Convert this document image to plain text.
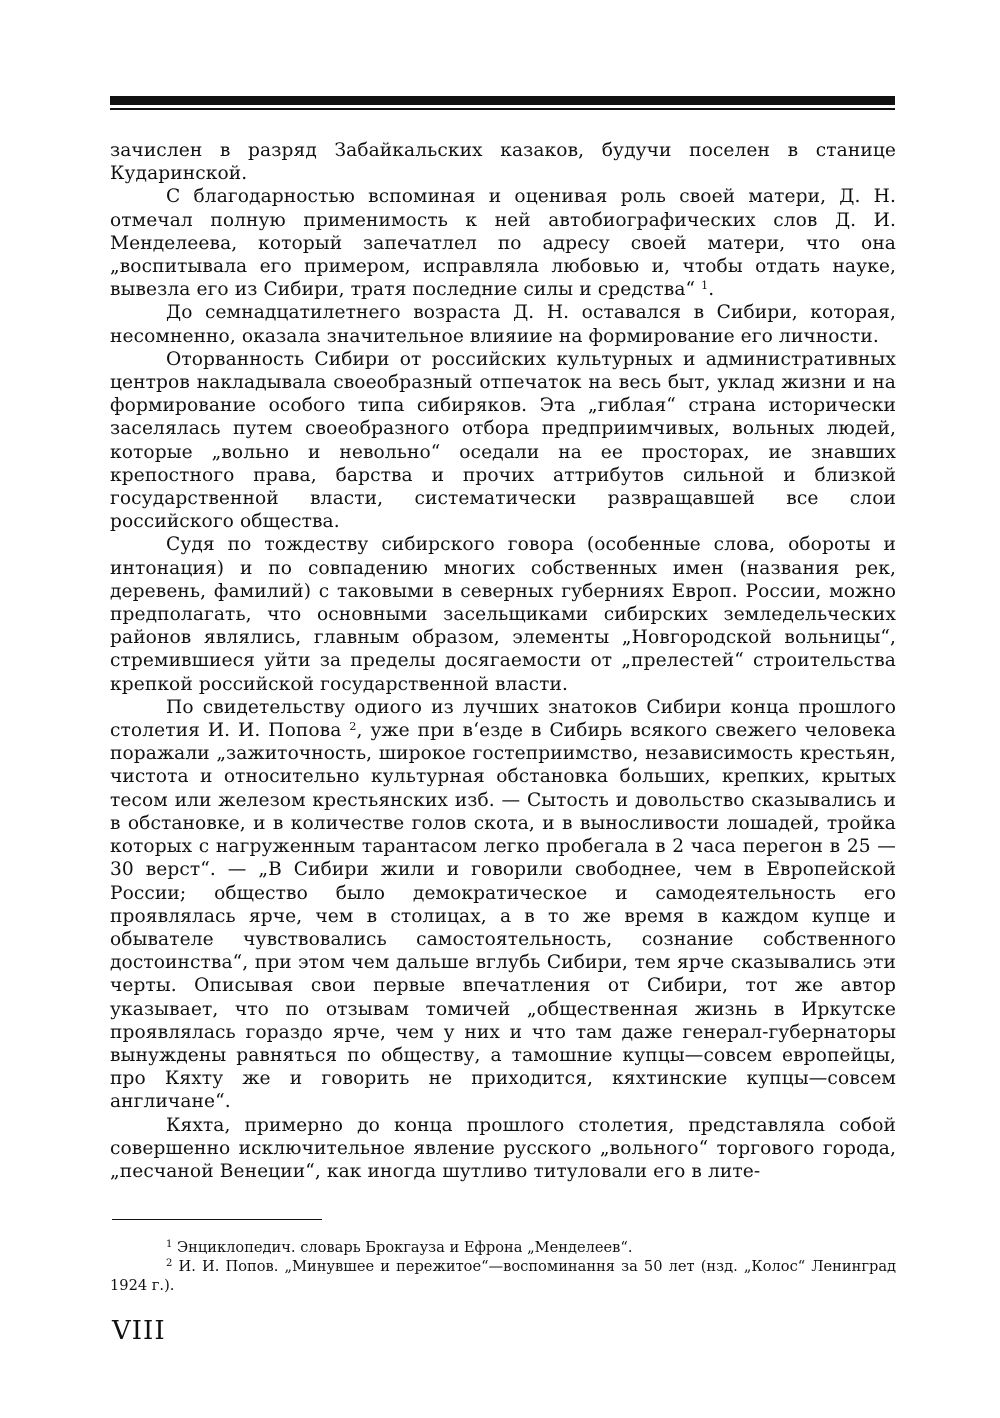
зачислен в разряд Забайкальских казаков, будучи поселен в станице Кударинской.

С благодарностью вспоминая и оценивая роль своей матери, Д. Н. отмечал полную применимость к ней автобиографических слов Д. И. Менделеева, который запечатлел по адресу своей матери, что она „воспитывала его примером, исправляла любовью и, чтобы отдать науке, вывезла его из Сибири, тратя последние силы и средства“ $^1$.

До семнадцатилетнего возраста Д. Н. оставался в Сибири, которая, несомненно, оказала значительное влияиие на формирование его личности.

Оторванность Сибири от российских культурных и административных центров накладывала своеобразный отпечаток на весь быт, уклад жизни и на формирование особого типа сибиряков. Эта „гиблая“ страна исторически заселялась путем своеобразного отбора предприимчивых, вольных людей, которые „вольно и невольно“ оседали на ее просторах, ие знавших крепостного права, барства и прочих аттрибутов сильной и близкой государственной власти, систематически развращавшей все слои российского общества.

Судя по тождеству сибирского говора (особенные слова, обороты и интонация) и по совпадению многих собственных имен (названия рек, деревень, фамилий) с таковыми в северных губерниях Европ. России, можно предполагать, что основными засельщиками сибирских земледельческих районов являлись, главным образом, элементы „Новгородской вольницы“, стремившиеся уйти за пределы досягаемости от „прелестей“ строительства крепкой российской государственной власти.

По свидетельству одиого из лучших знатоков Сибири конца прошлого столетия И. И. Попова $^2$, уже при в‘езде в Сибирь всякого свежего человека поражали „зажиточность, широкое гостеприимство, независимость крестьян, чистота и относительно культурная обстановка больших, крепких, крытых тесом или железом крестьянских изб. — Сытость и довольство сказывались и в обстановке, и в количестве голов скота, и в выносливости лошадей, тройка которых с нагруженным тарантасом легко пробегала в 2 часа перегон в 25 — 30 верст“. — „В Сибири жили и говорили свободнее, чем в Европейской России; общество было демократическое и самодеятельность его проявлялась ярче, чем в столицах, а в то же время в каждом купце и обывателе чувствовались самостоятельность, сознание собственного достоинства“, при этом чем дальше вглубь Сибири, тем ярче сказывались эти черты. Описывая свои первые впечатления от Сибири, тот же автор указывает, что по отзывам томичей „общественная жизнь в Иркутске проявлялась гораздо ярче, чем у них и что там даже генерал-губернаторы вынуждены равняться по обществу, а тамошние купцы—совсем европейцы, про Кяхту же и говорить не приходится, кяхтинские купцы—совсем англичане“.

Кяхта, примерно до конца прошлого столетия, представляла собой совершенно исключительное явление русского „вольного“ торгового города, „песчаной Венеции“, как иногда шутливо титуловали его в лите-

$^1$ Энциклопедич. словарь Брокгауза и Ефрона „Менделеев“.

$^2$ И. И. Попов. „Минувшее и пережитое“—воспоминання за 50 лет (нзд. „Колос“ Ленинград 1924 г.).

VIII
